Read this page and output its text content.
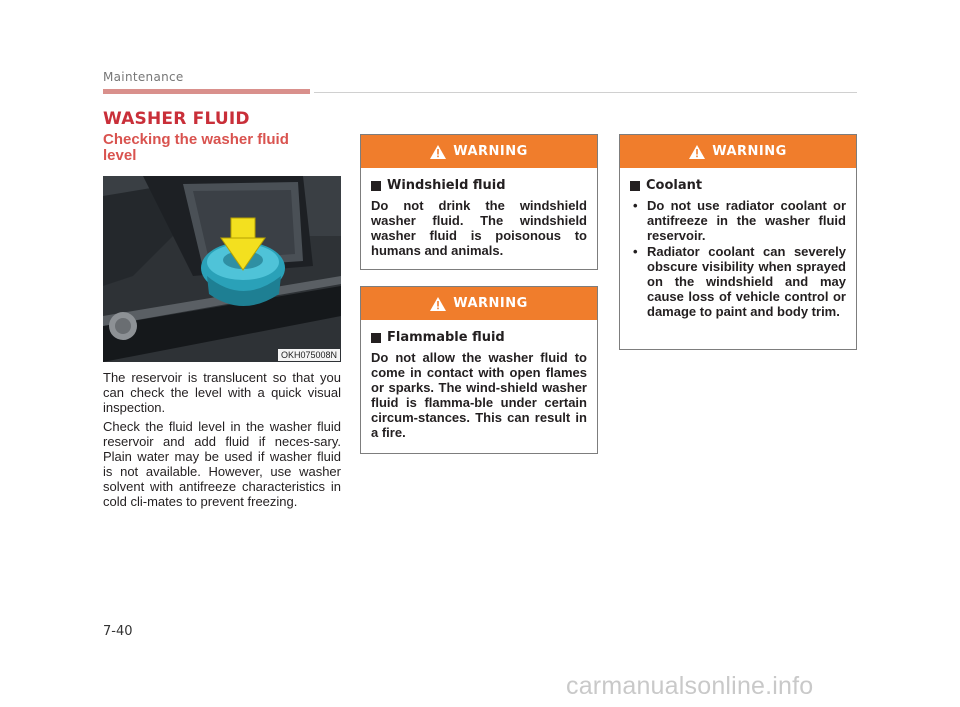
Maintenance
WASHER FLUID
Checking the washer fluid level
OKH075008N

The reservoir is translucent so that you can check the level with a quick visual inspection.

Check the fluid level in the washer fluid reservoir and add fluid if neces-sary. Plain water may be used if washer fluid is not available. However, use washer solvent with antifreeze characteristics in cold cli-mates to prevent freezing.

WARNING
Windshield fluid

Do not drink the windshield washer fluid. The windshield washer fluid is poisonous to humans and animals.

WARNING
Flammable fluid

Do not allow the washer fluid to come in contact with open flames or sparks. The wind-shield washer fluid is flamma-ble under certain circum-stances. This can result in a fire.

WARNING
Coolant
• Do not use radiator coolant or antifreeze in the washer fluid reservoir.
• Radiator coolant can severely obscure visibility when sprayed on the windshield and may cause loss of vehicle control or damage to paint and body trim.
7-40
carmanualsonline.info
